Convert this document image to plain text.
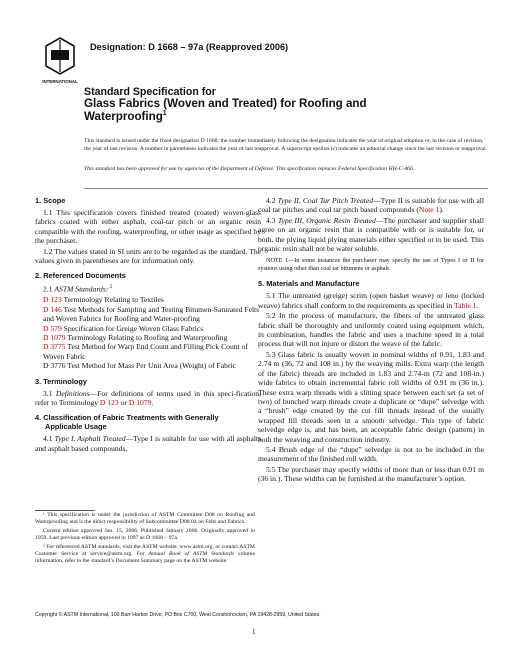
INTERNATIONAL
Designation: D 1668 – 97a (Reapproved 2006)
Standard Specification for
Glass Fabrics (Woven and Treated) for Roofing and
Waterproofing$^1$
This standard is issued under the fixed designation D 1668; the number immediately following the designation indicates the year of original adoption or, in the case of revision, the year of last revision. A number in parentheses indicates the year of last reapproval. A superscript epsilon (ε) indicates an editorial change since the last revision or reapproval.
This standard has been approved for use by agencies of the Department of Defense. This specification replaces Federal Specification HH-C-466.
1. Scope

1.1 This specification covers finished treated (coated) woven-glass fabrics coated with either asphalt, coal-tar pitch or an organic resin compatible with the roofing, waterproofing, or other usage as specified by the purchaser.

1.2 The values stated in SI units are to be regarded as the standard. The values given in parentheses are for information only.

2. Referenced Documents

2.1 ASTM Standards: $^2$

D 123 Terminology Relating to Textiles
D 146 Test Methods for Sampling and Testing Bitumen-Saturated Felts and Woven Fabrics for Roofing and Water-proofing
D 579 Specification for Greige Woven Glass Fabrics
D 1079 Terminology Relating to Roofing and Waterproofing
D 3775 Test Method for Warp End Count and Filling Pick Count of Woven Fabric
D 3776 Test Method for Mass Per Unit Area (Weight) of Fabric
3. Terminology

3.1 Definitions—For definitions of terms used in this speci-fication, refer to Terminology D 123 or D 1079.

4. Classification of Fabric Treatments with Generally
Applicable Usage

4.1 Type I, Asphalt Treated—Type I is suitable for use with all asphalts and asphalt based compounds.

4.2 Type II, Coal Tar Pitch Treated—Type II is suitable for use with all coal tar pitches and coal tar pitch based compounds (Note 1).

4.3 Type III, Organic Resin Treated—The purchaser and supplier shall agree on an organic resin that is compatible with or is suitable for, or both, the plying liquid plying materials either specified or to be used. This organic resin shall not be water soluble.

NOTE 1—In some instances the purchaser may specify the use of Types I or II for systems using other than coal tar bitumens or asphalt.

5. Materials and Manufacture

5.1 The untreated (greige) scrim (open basket weave) or leno (locked weave) fabrics shall conform to the requirements as specified in Table 1.

5.2 In the process of manufacture, the fibers of the untreated glass fabric shall be thoroughly and uniformly coated using equipment which, in combination, handles the fabric and uses a machine speed in a total process that will not injure or distort the weave of the fabric.

5.3 Glass fabric is usually woven in nominal widths of 0.91, 1.83 and 2.74 m (36, 72 and 108 in.) by the weaving mills. Extra warp (the length of the fabric) threads are included in 1.83 and 2.74-m (72 and 108-in.) wide fabrics to obtain incremental fabric roll widths of 0.91 m (36 in.). These extra warp threads with a slitting space between each set (a set of two) of bunched warp threads create a duplicate or “dupe” selvedge with a “brush” edge created by the cut fill threads instead of the usually wrapped fill threads seen in a smooth selvedge. This type of fabric selvedge edge is, and has been, an acceptable fabric design (pattern) in both the weaving and construction industry.

5.4 Brush edge of the “dupe” selvedge is not to be included in the measurement of the finished roll width.

5.5 The purchaser may specify widths of more than or less than 0.91 m (36 in.). These widths can be furnished at the manufacturer’s option.

¹ This specification is under the jurisdiction of ASTM Committee D08 on Roofing and Waterproofing and is the direct responsibility of Subcommittee D08.04 on Felts and Fabrics.

Current edition approved Jan. 15, 2006. Published January 2006. Originally approved in 1959. Last previous edition approved in 1997 as D 1668 – 97a.

² For referenced ASTM standards, visit the ASTM website, www.astm.org, or contact ASTM Customer Service at service@astm.org. For Annual Book of ASTM Standards volume information, refer to the standard’s Document Summary page on the ASTM website.

Copyright © ASTM International, 100 Barr Harbor Drive, PO Box C700, West Conshohocken, PA 19428-2959, United States.
1
